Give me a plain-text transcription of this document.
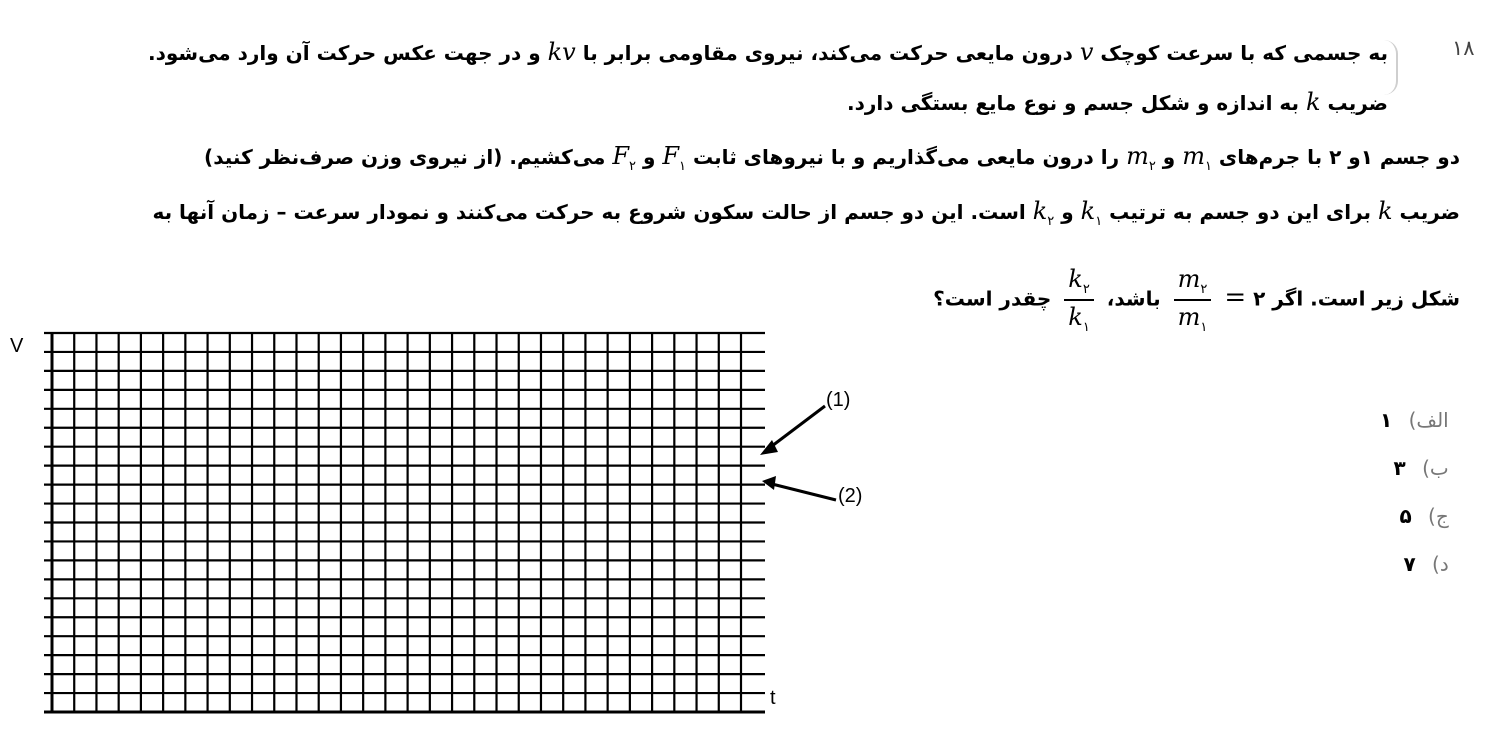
۱۸
به جسمی که با سرعت کوچک v درون مایعی حرکت می‌کند، نیروی مقاومی برابر با kv و در جهت عکس حرکت آن وارد می‌شود.
ضریب k به اندازه و شکل جسم و نوع مایع بستگی دارد.
دو جسم ۱و ۲ با جرم‌های $m_۱$ و $m_۲$ را درون مایعی می‌گذاریم و با نیروهای ثابت $F_۱$ و $F_۲$ می‌کشیم. (از نیروی وزن صرف‌نظر کنید)
ضریب k برای این دو جسم به ترتیب $k_۱$ و $k_۲$ است. این دو جسم از حالت سکون شروع به حرکت می‌کنند و نمودار سرعت – زمان آنها به
شکل زیر است. اگر ۲ =
$\frac{m_۲}{m_۱}$
باشد،
$\frac{k_۲}{k_۱}$
چقدر است؟
V
t
(1)
(2)
الف) ۱
ب) ۳
ج) ۵
د) ۷
